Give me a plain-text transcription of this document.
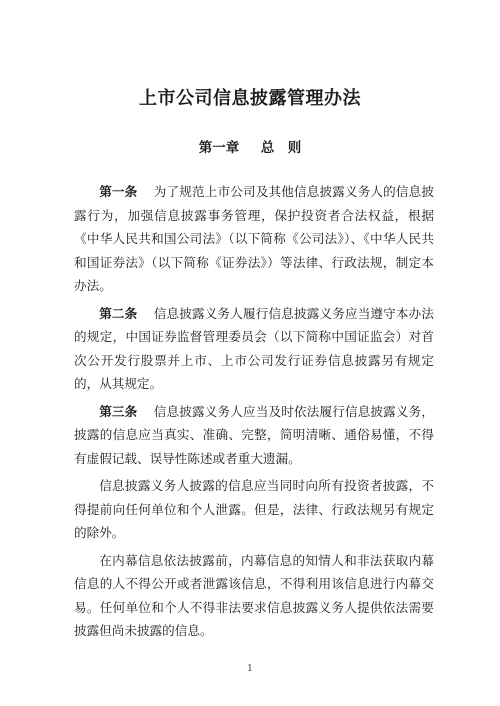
上市公司信息披露管理办法
第一章 总　则

第一条 为了规范上市公司及其他信息披露义务人的信息披露行为，加强信息披露事务管理，保护投资者合法权益，根据《中华人民共和国公司法》（以下简称《公司法》）、《中华人民共和国证券法》（以下简称《证券法》）等法律、行政法规，制定本办法。

第二条 信息披露义务人履行信息披露义务应当遵守本办法的规定，中国证券监督管理委员会（以下简称中国证监会）对首次公开发行股票并上市、上市公司发行证券信息披露另有规定的，从其规定。

第三条 信息披露义务人应当及时依法履行信息披露义务，披露的信息应当真实、准确、完整，简明清晰、通俗易懂，不得有虚假记载、误导性陈述或者重大遗漏。

信息披露义务人披露的信息应当同时向所有投资者披露，不得提前向任何单位和个人泄露。但是，法律、行政法规另有规定的除外。

在内幕信息依法披露前，内幕信息的知情人和非法获取内幕信息的人不得公开或者泄露该信息，不得利用该信息进行内幕交易。任何单位和个人不得非法要求信息披露义务人提供依法需要披露但尚未披露的信息。

1
